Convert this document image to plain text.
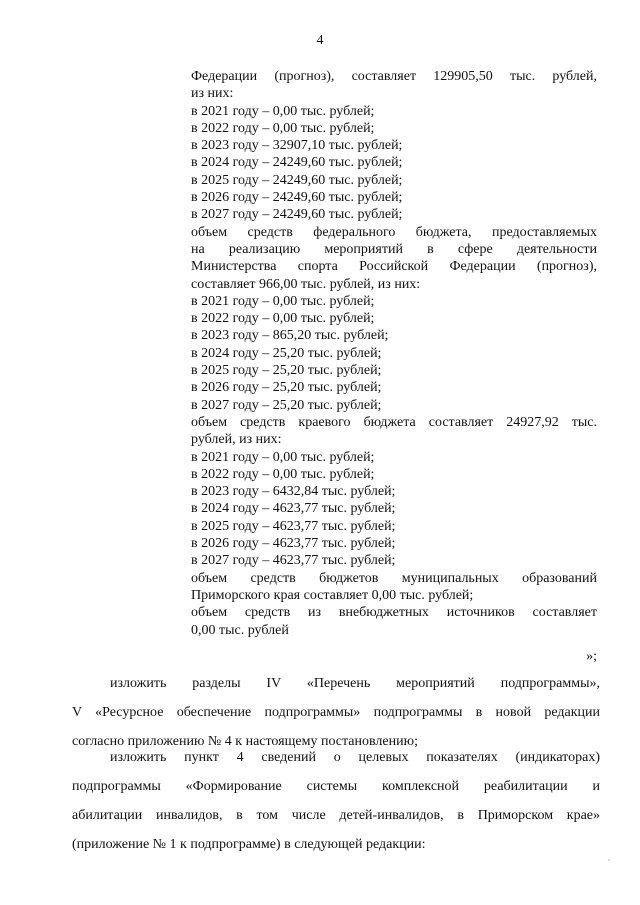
4
Федерации (прогноз), составляет 129905,50 тыс. рублей,
из них:
в 2021 году – 0,00 тыс. рублей;
в 2022 году – 0,00 тыс. рублей;
в 2023 году – 32907,10 тыс. рублей;
в 2024 году – 24249,60 тыс. рублей;
в 2025 году – 24249,60 тыс. рублей;
в 2026 году – 24249,60 тыс. рублей;
в 2027 году – 24249,60 тыс. рублей;
объем средств федерального бюджета, предоставляемых
на реализацию мероприятий в сфере деятельности
Министерства спорта Российской Федерации (прогноз),
составляет 966,00 тыс. рублей, из них:
в 2021 году – 0,00 тыс. рублей;
в 2022 году – 0,00 тыс. рублей;
в 2023 году – 865,20 тыс. рублей;
в 2024 году – 25,20 тыс. рублей;
в 2025 году – 25,20 тыс. рублей;
в 2026 году – 25,20 тыс. рублей;
в 2027 году – 25,20 тыс. рублей;
объем средств краевого бюджета составляет 24927,92 тыс.
рублей, из них:
в 2021 году – 0,00 тыс. рублей;
в 2022 году – 0,00 тыс. рублей;
в 2023 году – 6432,84 тыс. рублей;
в 2024 году – 4623,77 тыс. рублей;
в 2025 году – 4623,77 тыс. рублей;
в 2026 году – 4623,77 тыс. рублей;
в 2027 году – 4623,77 тыс. рублей;
объем средств бюджетов муниципальных образований
Приморского края составляет 0,00 тыс. рублей;
объем средств из внебюджетных источников составляет
0,00 тыс. рублей
»;
изложить разделы IV «Перечень мероприятий подпрограммы»,
V «Ресурсное обеспечение подпрограммы» подпрограммы в новой редакции
согласно приложению № 4 к настоящему постановлению;
изложить пункт 4 сведений о целевых показателях (индикаторах)
подпрограммы «Формирование системы комплексной реабилитации и
абилитации инвалидов, в том числе детей-инвалидов, в Приморском крае»
(приложение № 1 к подпрограмме) в следующей редакции:
